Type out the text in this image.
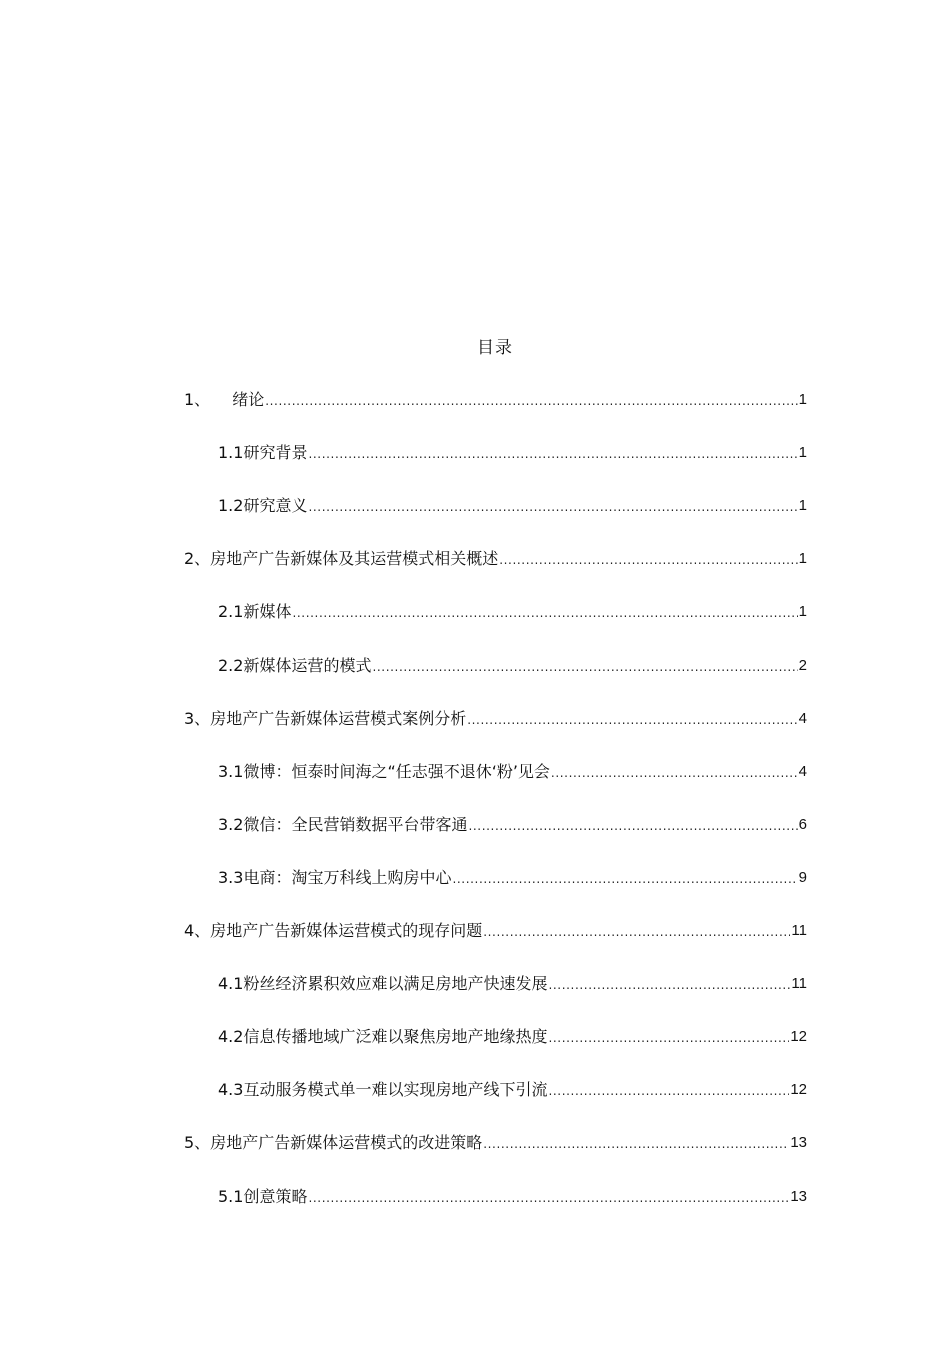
目录
1、 绪论 .....	1
1.1 研究背景 .....	1
1.2 研究意义 .....	1
2、 房地产广告新媒体及其运营模式相关概述 .....	1
2.1 新媒体 .....	1
2.2 新媒体运营的模式 .....	2
3、 房地产广告新媒体运营模式案例分析 .....	4
3.1 微博：恒泰时间海之“任志强不退休‘粉’见会 .....	4
3.2 微信：全民营销数据平台带客通 .....	6
3.3 电商：淘宝万科线上购房中心 .....	9
4、 房地产广告新媒体运营模式的现存问题 .....	11
4.1 粉丝经济累积效应难以满足房地产快速发展 .....	11
4.2 信息传播地域广泛难以聚焦房地产地缘热度 .....	12
4.3 互动服务模式单一难以实现房地产线下引流 .....	12
5、 房地产广告新媒体运营模式的改进策略 .....	13
5.1 创意策略 .....	13
